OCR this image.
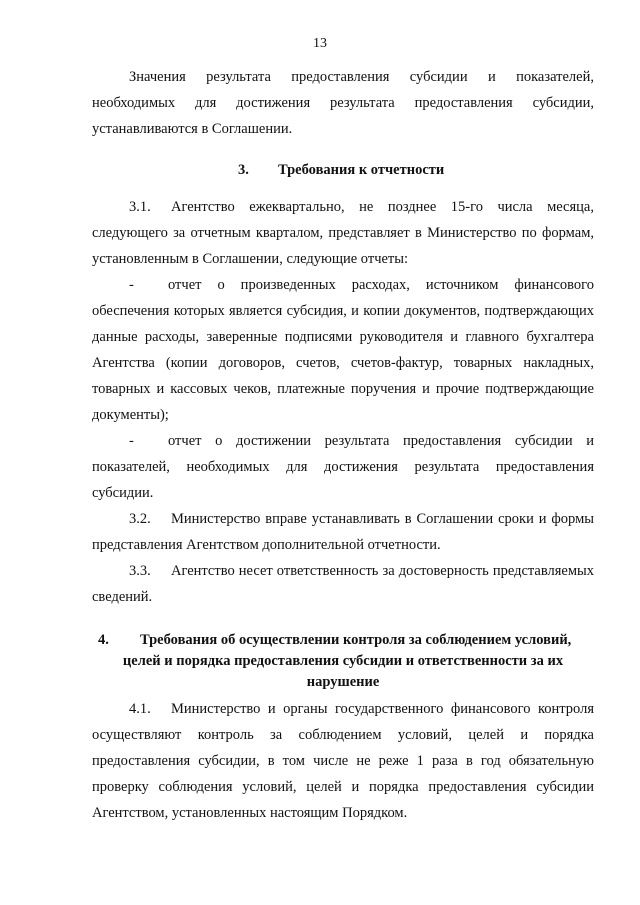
13
Значения результата предоставления субсидии и показателей, необходимых для достижения результата предоставления субсидии, устанавливаются в Соглашении.
3. Требования к отчетности
3.1. Агентство ежеквартально, не позднее 15-го числа месяца, следующего за отчетным кварталом, представляет в Министерство по формам, установленным в Соглашении, следующие отчеты:
-	отчет о произведенных расходах, источником финансового обеспечения которых является субсидия, и копии документов, подтверждающих данные расходы, заверенные подписями руководителя и главного бухгалтера Агентства (копии договоров, счетов, счетов-фактур, товарных накладных, товарных и кассовых чеков, платежные поручения и прочие подтверждающие документы);
-	отчет о достижении результата предоставления субсидии и показателей, необходимых для достижения результата предоставления субсидии.
3.2. Министерство вправе устанавливать в Соглашении сроки и формы представления Агентством дополнительной отчетности.
3.3. Агентство несет ответственность за достоверность представляемых сведений.
4. Требования об осуществлении контроля за соблюдением условий,
целей и порядка предоставления субсидии и ответственности за их нарушение
4.1. Министерство и органы государственного финансового контроля осуществляют контроль за соблюдением условий, целей и порядка предоставления субсидии, в том числе не реже 1 раза в год обязательную проверку соблюдения условий, целей и порядка предоставления субсидии Агентством, установленных настоящим Порядком.
